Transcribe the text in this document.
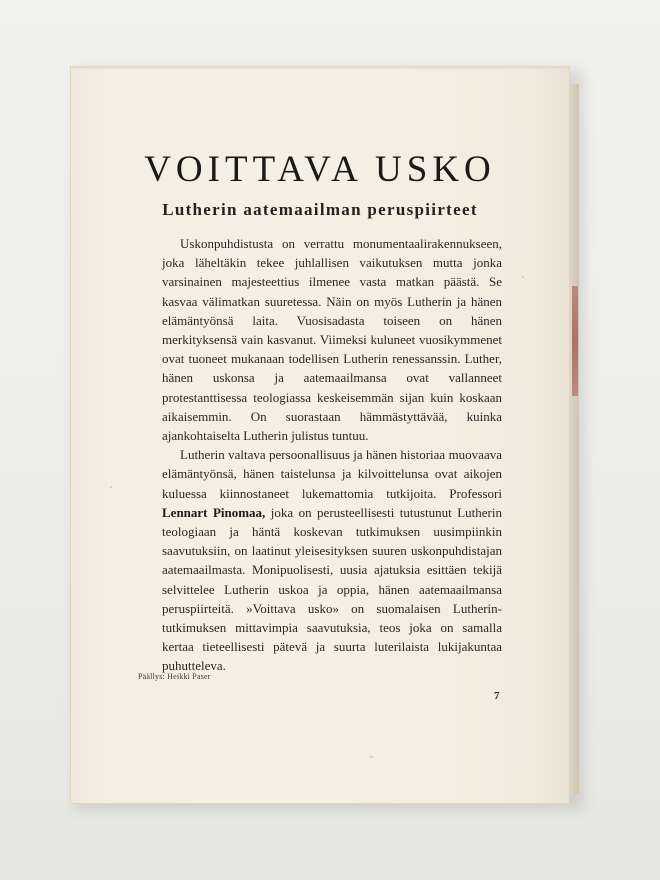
VOITTAVA USKO
Lutherin aatemaailman peruspiirteet

Uskonpuhdistusta on verrattu monumentaalirakennukseen, joka läheltäkin tekee juhlallisen vaikutuksen mutta jonka varsinainen majesteettius ilmenee vasta matkan päästä. Se kasvaa välimatkan suuretessa. Näin on myös Lutherin ja hänen elämäntyönsä laita. Vuosisadasta toiseen on hänen merkityksensä vain kasvanut. Viimeksi kuluneet vuosikymmenet ovat tuoneet mukanaan todellisen Lutherin renessanssin. Luther, hänen uskonsa ja aatemaailmansa ovat vallanneet protestanttisessa teologiassa keskeisemmän sijan kuin koskaan aikaisemmin. On suorastaan hämmästyttävää, kuinka ajankohtaiselta Lutherin julistus tuntuu.

Lutherin valtava persoonallisuus ja hänen historiaa muovaava elämäntyönsä, hänen taistelunsa ja kilvoittelunsa ovat aikojen kuluessa kiinnostaneet lukemattomia tutkijoita. Professori Lennart Pinomaa, joka on perusteellisesti tutustunut Lutherin teologiaan ja häntä koskevan tutkimuksen uusimpiinkin saavutuksiin, on laatinut yleisesityksen suuren uskonpuhdistajan aatemaailmasta. Monipuolisesti, uusia ajatuksia esittäen tekijä selvittelee Lutherin uskoa ja oppia, hänen aatemaailmansa peruspiirteitä. »Voittava usko» on suomalaisen Lutherin-tutkimuksen mittavimpia saavutuksia, teos joka on samalla kertaa tieteellisesti pätevä ja suurta luterilaista lukijakuntaa puhutteleva.

Päällys: Heikki Paser
7
